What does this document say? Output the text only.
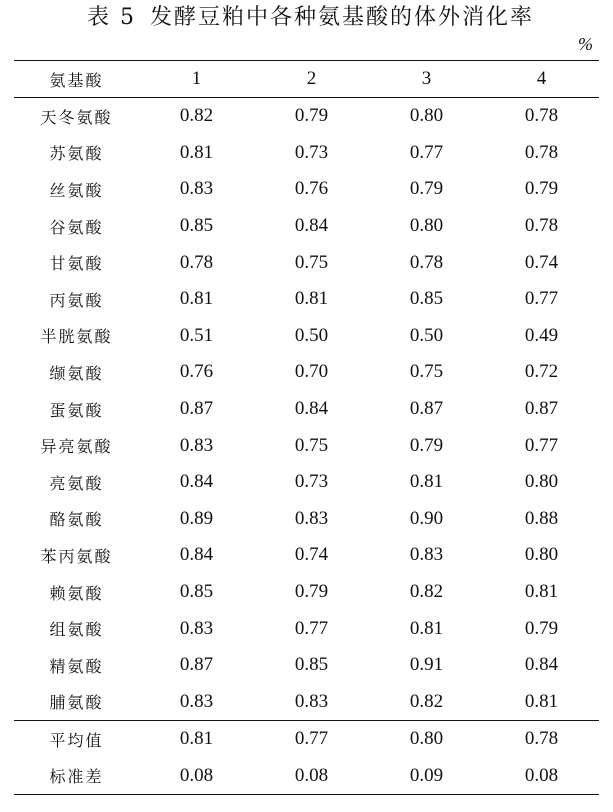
表 5 发酵豆粕中各种氨基酸的体外消化率
%
氨基酸	1	2	3	4
天冬氨酸	0.82	0.79	0.80	0.78
苏氨酸	0.81	0.73	0.77	0.78
丝氨酸	0.83	0.76	0.79	0.79
谷氨酸	0.85	0.84	0.80	0.78
甘氨酸	0.78	0.75	0.78	0.74
丙氨酸	0.81	0.81	0.85	0.77
半胱氨酸	0.51	0.50	0.50	0.49
缬氨酸	0.76	0.70	0.75	0.72
蛋氨酸	0.87	0.84	0.87	0.87
异亮氨酸	0.83	0.75	0.79	0.77
亮氨酸	0.84	0.73	0.81	0.80
酪氨酸	0.89	0.83	0.90	0.88
苯丙氨酸	0.84	0.74	0.83	0.80
赖氨酸	0.85	0.79	0.82	0.81
组氨酸	0.83	0.77	0.81	0.79
精氨酸	0.87	0.85	0.91	0.84
脯氨酸	0.83	0.83	0.82	0.81
平均值	0.81	0.77	0.80	0.78
标准差	0.08	0.08	0.09	0.08
